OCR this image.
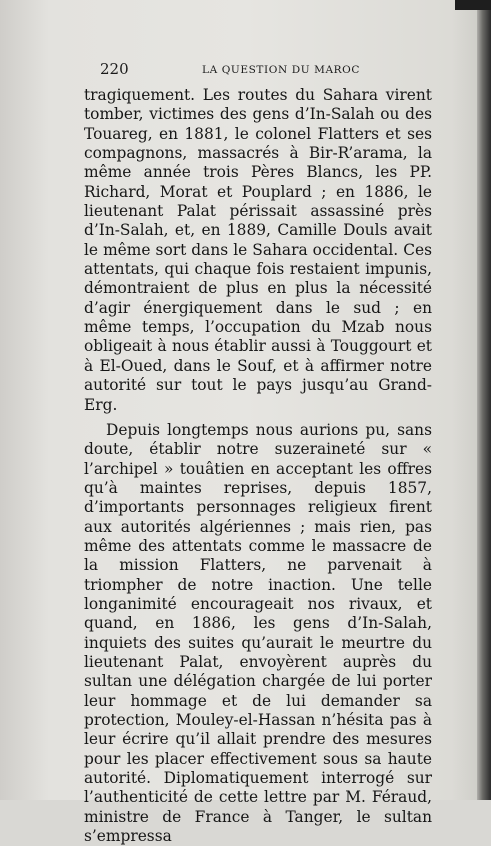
220	LA QUESTION DU MAROC

tragiquement. Les routes du Sahara virent tomber, victimes des gens d’In-Salah ou des Touareg, en 1881, le colonel Flatters et ses compagnons, massacrés à Bir-R’arama, la même année trois Pères Blancs, les PP. Richard, Morat et Pouplard ; en 1886, le lieutenant Palat périssait assassiné près d’In-Salah, et, en 1889, Camille Douls avait le même sort dans le Sahara occidental. Ces attentats, qui chaque fois restaient impunis, démontraient de plus en plus la nécessité d’agir énergiquement dans le sud ; en même temps, l’occupation du Mzab nous obligeait à nous établir aussi à Touggourt et à El-Oued, dans le Souf, et à affirmer notre autorité sur tout le pays jusqu’au Grand-Erg.

Depuis longtemps nous aurions pu, sans doute, établir notre suzeraineté sur « l’archipel » touâtien en acceptant les offres qu’à maintes reprises, depuis 1857, d’importants personnages religieux firent aux autorités algériennes ; mais rien, pas même des attentats comme le massacre de la mission Flatters, ne parvenait à triompher de notre inaction. Une telle longanimité encourageait nos rivaux, et quand, en 1886, les gens d’In-Salah, inquiets des suites qu’aurait le meurtre du lieutenant Palat, envoyèrent auprès du sultan une délégation chargée de lui porter leur hommage et de lui demander sa protection, Mouley-el-Hassan n’hésita pas à leur écrire qu’il allait prendre des mesures pour les placer effectivement sous sa haute autorité. Diplomatiquement interrogé sur l’authenticité de cette lettre par M. Féraud, ministre de France à Tanger, le sultan s’empressa
